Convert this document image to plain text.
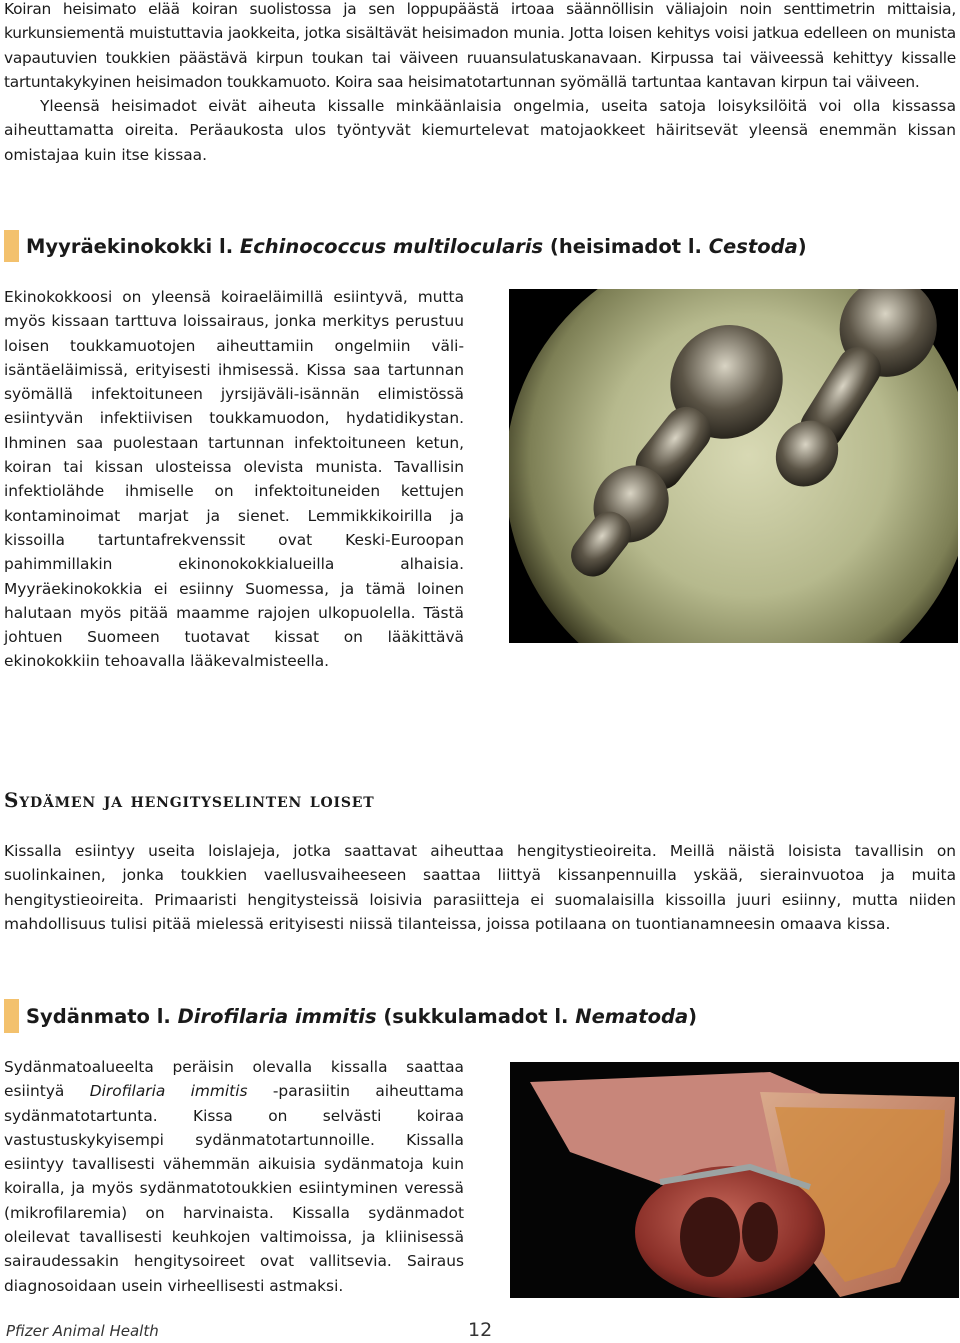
Koiran heisimato elää koiran suolistossa ja sen loppupäästä irtoaa säännöllisin väliajoin noin senttimetrin mittaisia, kurkunsiementä muistuttavia jaokkeita, jotka sisältävät heisimadon munia. Jotta loisen kehitys voisi jatkua edelleen on munista vapautuvien toukkien päästävä kirpun toukan tai väiveen ruuansulatuskanavaan. Kirpussa tai väiveessä kehittyy kissalle tartuntakykyinen heisimadon toukkamuoto. Koira saa heisimatotartunnan syömällä tartuntaa kantavan kirpun tai väiveen.

Yleensä heisimadot eivät aiheuta kissalle minkäänlaisia ongelmia, useita satoja loisyksilöitä voi olla kissassa aiheuttamatta oireita. Peräaukosta ulos työntyvät kiemurtelevat matojaokkeet häiritsevät yleensä enemmän kissan omistajaa kuin itse kissaa.

Myyräekinokokki l. Echinococcus multilocularis (heisimadot l. Cestoda)

Ekinokokkoosi on yleensä koiraeläimillä esiintyvä, mutta myös kissaan tarttuva loissairaus, jonka merkitys perustuu loisen toukkamuotojen aiheuttamiin ongelmiin väli-isäntäeläimissä, erityisesti ihmisessä. Kissa saa tartunnan syömällä infektoituneen jyrsijäväli-isännän elimistössä esiintyvän infektiivisen toukkamuodon, hydatidikystan. Ihminen saa puolestaan tartunnan infektoituneen ketun, koiran tai kissan ulosteissa olevista munista. Tavallisin infektiolähde ihmiselle on infektoituneiden kettujen kontaminoimat marjat ja sienet. Lemmikkikoirilla ja kissoilla tartuntafrekvenssit ovat Keski-Euroopan pahimmillakin ekinonokokkialueilla alhaisia. Myyräekinokokkia ei esiinny Suomessa, ja tämä loinen halutaan myös pitää maamme rajojen ulkopuolella. Tästä johtuen Suomeen tuotavat kissat on lääkittävä ekinokokkiin tehoavalla lääkevalmisteella.

Sydämen ja hengityselinten loiset

Kissalla esiintyy useita loislajeja, jotka saattavat aiheuttaa hengitystieoireita. Meillä näistä loisista tavallisin on suolinkainen, jonka toukkien vaellusvaiheeseen saattaa liittyä kissanpennuilla yskää, sierainvuotoa ja muita hengitystieoireita. Primaaristi hengitysteissä loisivia parasiitteja ei suomalaisilla kissoilla juuri esiinny, mutta niiden mahdollisuus tulisi pitää mielessä erityisesti niissä tilanteissa, joissa potilaana on tuontianamneesin omaava kissa.

Sydänmato l. Dirofilaria immitis (sukkulamadot l. Nematoda)

Sydänmatoalueelta peräisin olevalla kissalla saattaa esiintyä Dirofilaria immitis -parasiitin aiheuttama sydänmatotartunta. Kissa on selvästi koiraa vastustuskykyisempi sydänmatotartunnoille. Kissalla esiintyy tavallisesti vähemmän aikuisia sydänmatoja kuin koiralla, ja myös sydänmatotoukkien esiintyminen veressä (mikrofilaremia) on harvinaista. Kissalla sydänmadot oleilevat tavallisesti keuhkojen valtimoissa, ja kliinisessä sairaudessakin hengitysoireet ovat vallitsevia. Sairaus diagnosoidaan usein virheellisesti astmaksi.

Pfizer Animal Health	12
